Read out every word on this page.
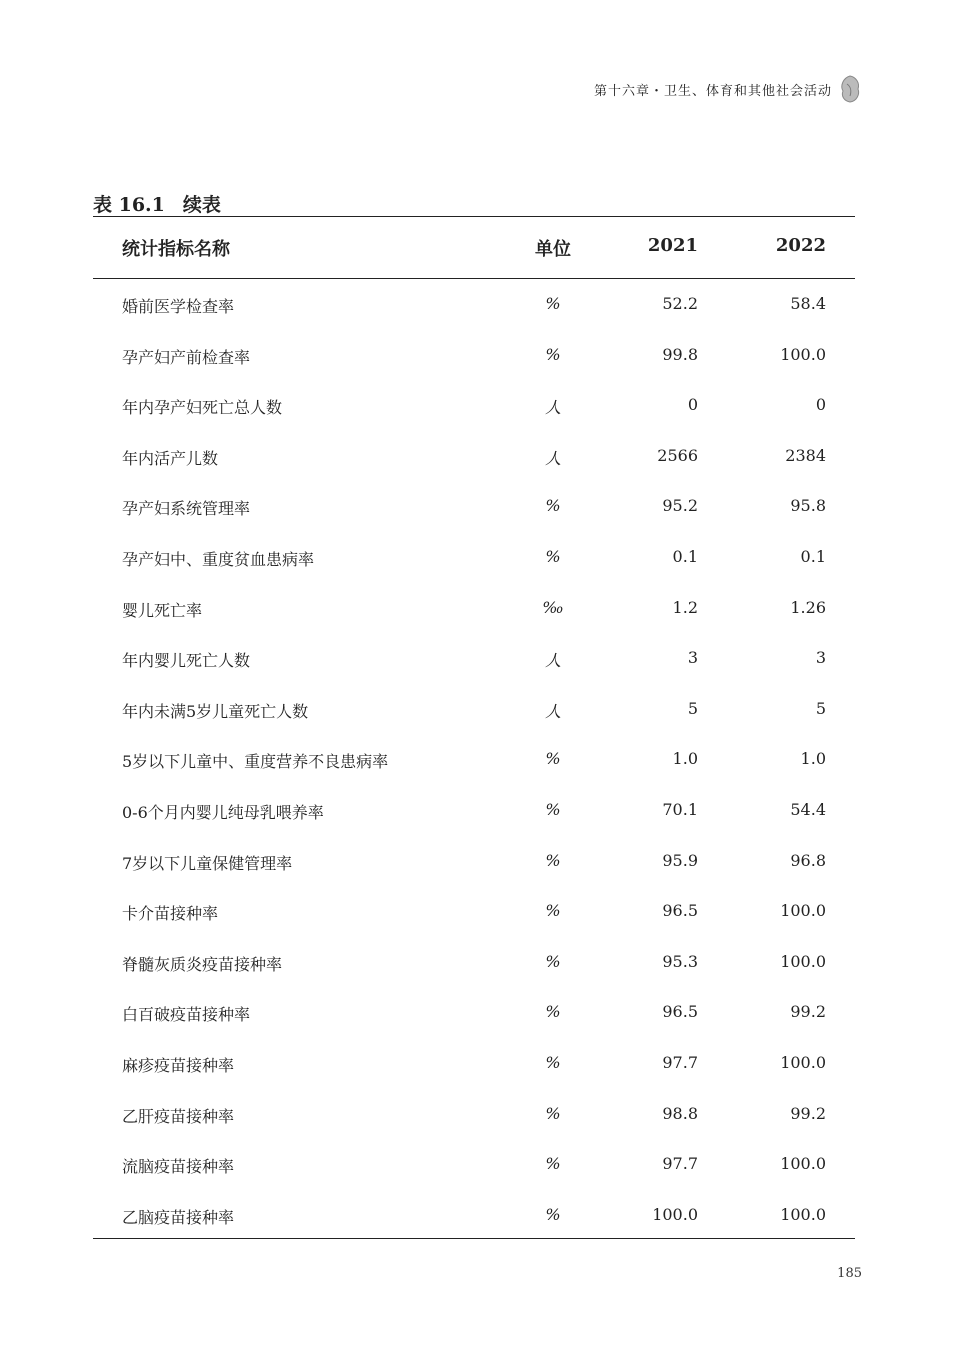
第十六章・卫生、体育和其他社会活动
表 16.1 续表
统计指标名称	单位	2021	2022
婚前医学检查率	%	52.2	58.4
孕产妇产前检查率	%	99.8	100.0
年内孕产妇死亡总人数	人	0	0
年内活产儿数	人	2566	2384
孕产妇系统管理率	%	95.2	95.8
孕产妇中、重度贫血患病率	%	0.1	0.1
婴儿死亡率	‰	1.2	1.26
年内婴儿死亡人数	人	3	3
年内未满5岁儿童死亡人数	人	5	5
5岁以下儿童中、重度营养不良患病率	%	1.0	1.0
0-6个月内婴儿纯母乳喂养率	%	70.1	54.4
7岁以下儿童保健管理率	%	95.9	96.8
卡介苗接种率	%	96.5	100.0
脊髓灰质炎疫苗接种率	%	95.3	100.0
白百破疫苗接种率	%	96.5	99.2
麻疹疫苗接种率	%	97.7	100.0
乙肝疫苗接种率	%	98.8	99.2
流脑疫苗接种率	%	97.7	100.0
乙脑疫苗接种率	%	100.0	100.0
185
